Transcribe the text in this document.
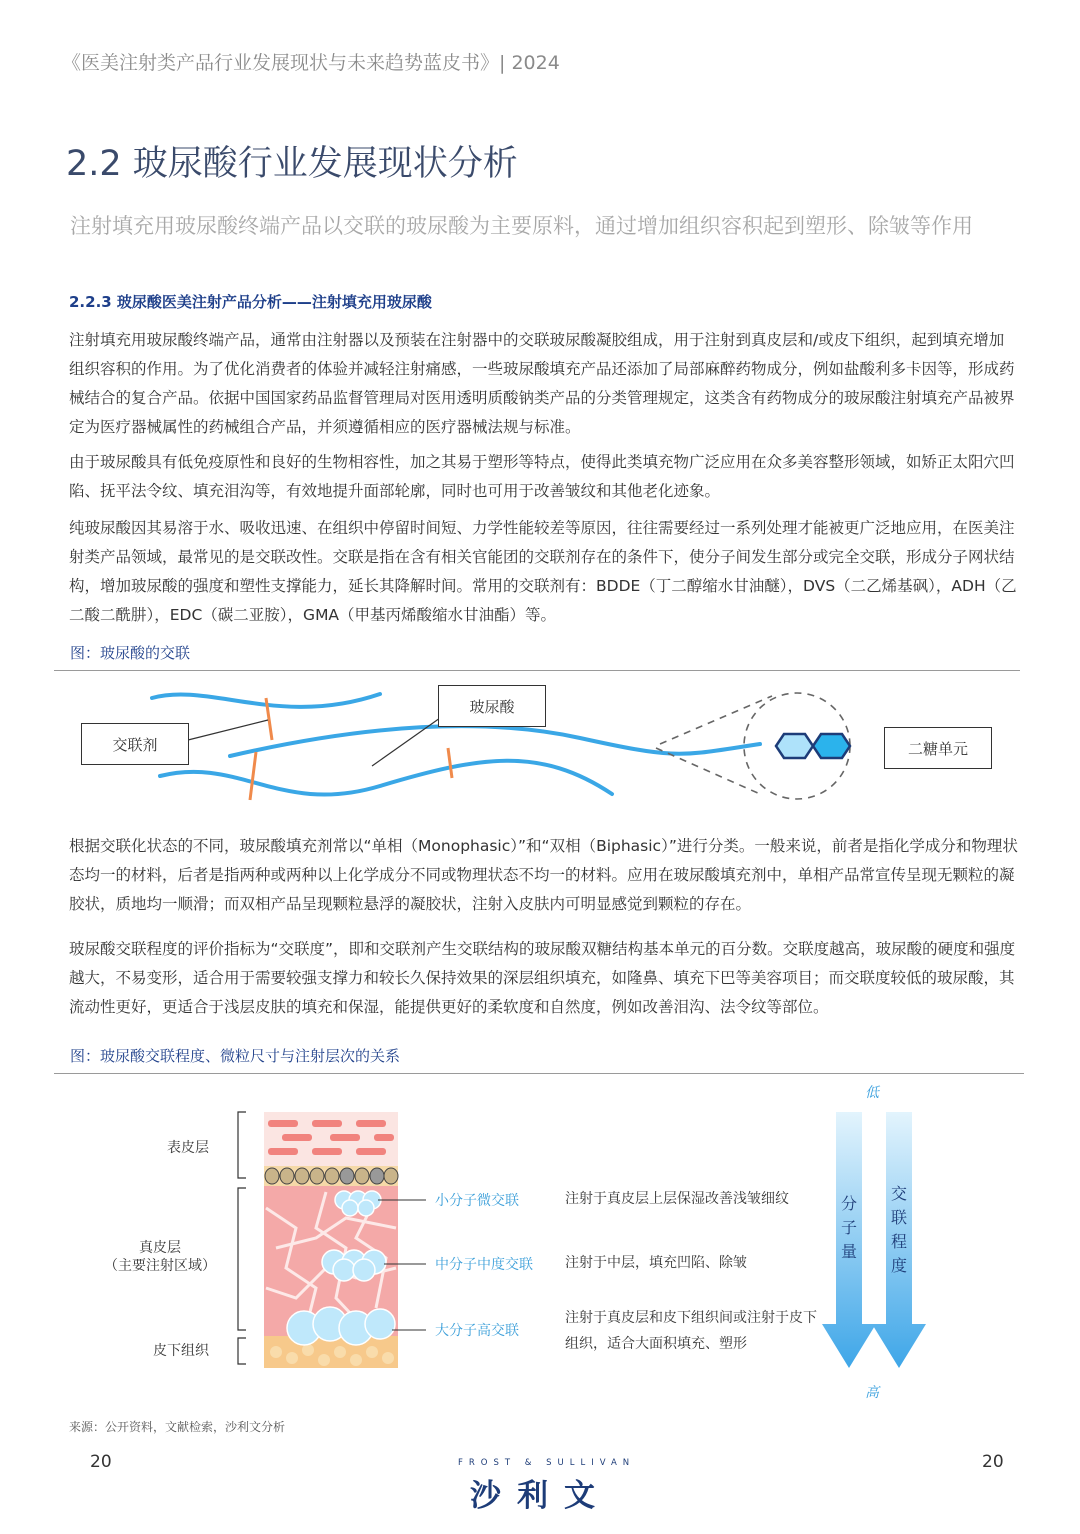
《医美注射类产品行业发展现状与未来趋势蓝皮书》| 2024
2.2 玻尿酸行业发展现状分析
注射填充用玻尿酸终端产品以交联的玻尿酸为主要原料，通过增加组织容积起到塑形、除皱等作用
2.2.3 玻尿酸医美注射产品分析——注射填充用玻尿酸

注射填充用玻尿酸终端产品，通常由注射器以及预装在注射器中的交联玻尿酸凝胶组成，用于注射到真皮层和/或皮下组织，起到填充增加组织容积的作用。为了优化消费者的体验并减轻注射痛感，一些玻尿酸填充产品还添加了局部麻醉药物成分，例如盐酸利多卡因等，形成药械结合的复合产品。依据中国国家药品监督管理局对医用透明质酸钠类产品的分类管理规定，这类含有药物成分的玻尿酸注射填充产品被界定为医疗器械属性的药械组合产品，并须遵循相应的医疗器械法规与标准。

由于玻尿酸具有低免疫原性和良好的生物相容性，加之其易于塑形等特点，使得此类填充物广泛应用在众多美容整形领域，如矫正太阳穴凹陷、抚平法令纹、填充泪沟等，有效地提升面部轮廓，同时也可用于改善皱纹和其他老化迹象。

纯玻尿酸因其易溶于水、吸收迅速、在组织中停留时间短、力学性能较差等原因，往往需要经过一系列处理才能被更广泛地应用，在医美注射类产品领域，最常见的是交联改性。交联是指在含有相关官能团的交联剂存在的条件下，使分子间发生部分或完全交联，形成分子网状结构，增加玻尿酸的强度和塑性支撑能力，延长其降解时间。常用的交联剂有：BDDE（丁二醇缩水甘油醚），DVS（二乙烯基砜），ADH（乙二酸二酰肼），EDC（碳二亚胺），GMA（甲基丙烯酸缩水甘油酯）等。

图：玻尿酸的交联
交联剂
玻尿酸
二糖单元

根据交联化状态的不同，玻尿酸填充剂常以“单相（Monophasic）”和“双相（Biphasic）”进行分类。一般来说，前者是指化学成分和物理状态均一的材料，后者是指两种或两种以上化学成分不同或物理状态不均一的材料。应用在玻尿酸填充剂中，单相产品常宣传呈现无颗粒的凝胶状，质地均一顺滑；而双相产品呈现颗粒悬浮的凝胶状，注射入皮肤内可明显感觉到颗粒的存在。

玻尿酸交联程度的评价指标为“交联度”，即和交联剂产生交联结构的玻尿酸双糖结构基本单元的百分数。交联度越高，玻尿酸的硬度和强度越大，不易变形，适合用于需要较强支撑力和较长久保持效果的深层组织填充，如隆鼻、填充下巴等美容项目；而交联度较低的玻尿酸，其流动性更好，更适合于浅层皮肤的填充和保湿，能提供更好的柔软度和自然度，例如改善泪沟、法令纹等部位。

图：玻尿酸交联程度、微粒尺寸与注射层次的关系
表皮层
真皮层
（主要注射区域）
皮下组织
小分子微交联
中分子中度交联
大分子高交联
注射于真皮层上层保湿改善浅皱细纹
注射于中层，填充凹陷、除皱
注射于真皮层和皮下组织间或注射于皮下组织，适合大面积填充、塑形
低
高
分
子
量
交
联
程
度
来源：公开资料，文献检索，沙利文分析
20	20
FROST & SULLIVAN
沙利文
